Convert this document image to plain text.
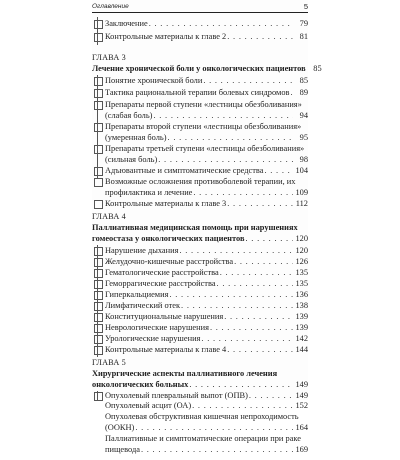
Оглавление	5
Заключение . . .	79
Контрольные материалы к главе 2 . . .	81
ГЛАВА 3
Лечение хронической боли у онкологических пациентов 85
Понятие хронической боли . . .	85
Тактика рациональной терапии болевых синдромов . . .	89
Препараты первой ступени «лестницы обезболивания»
(слабая боль) . . .	94
Препараты второй ступени «лестницы обезболивания»
(умеренная боль) . . .	95
Препараты третьей ступени «лестницы обезболивания»
(сильная боль) . . .	98
Адъювантные и симптоматические средства . . .	104
Возможные осложнения противоболевой терапии, их
профилактика и лечение . . .	109
Контрольные материалы к главе 3 . . .	112
ГЛАВА 4
Паллиативная медицинская помощь при нарушениях
гомеостаза у онкологических пациентов . . .	120
Нарушение дыхания . . .	120
Желудочно-кишечные расстройства . . .	126
Гематологические расстройства . . .	135
Геморрагические расстройства . . .	135
Гиперкальциемия . . .	136
Лимфатический отек . . .	138
Конституциональные нарушения . . .	139
Неврологические нарушения . . .	139
Урологические нарушения . . .	142
Контрольные материалы к главе 4 . . .	144
ГЛАВА 5
Хирургические аспекты паллиативного лечения
онкологических больных . . .	149
Опухолевый плевральный выпот (ОПВ) . . .	149
Опухолевый асцит (ОА) . . .	152
Опухолевая обструктивная кишечная непроходимость
(ООКН) . . .	164
Паллиативные и симптоматические операции при раке
пищевода . . .	169
